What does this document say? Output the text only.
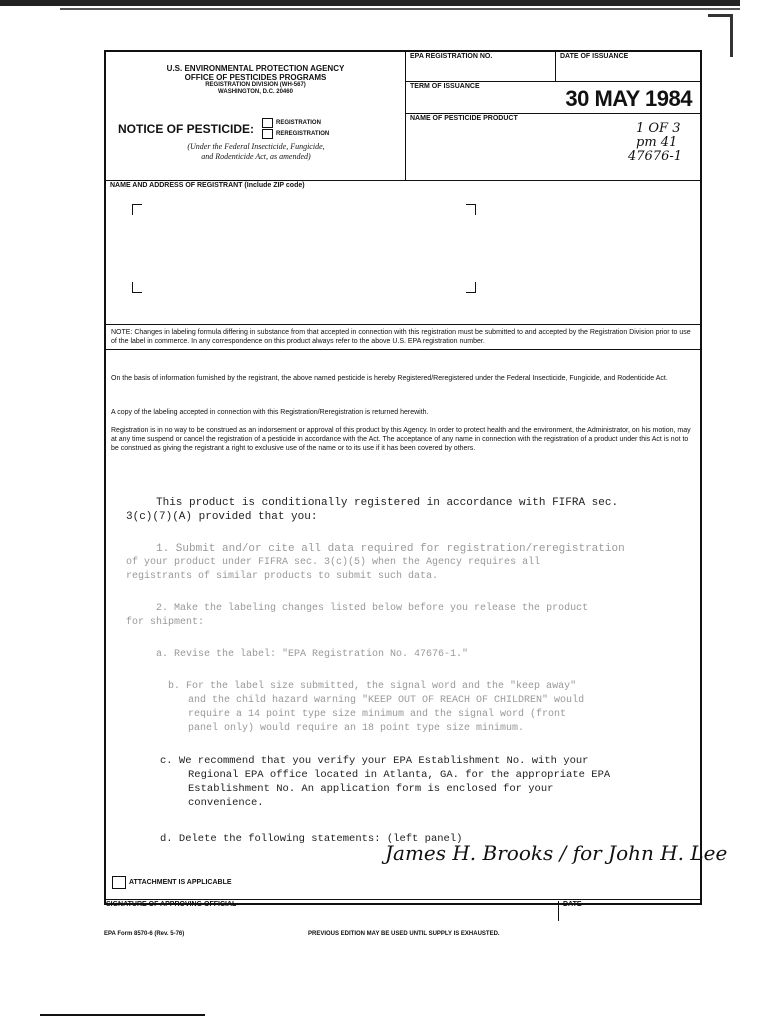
U.S. ENVIRONMENTAL PROTECTION AGENCY
OFFICE OF PESTICIDES PROGRAMS
REGISTRATION DIVISION (WH-567)
WASHINGTON, D.C. 20460
NOTICE OF PESTICIDE:	REGISTRATION
REREGISTRATION
(Under the Federal Insecticide, Fungicide,
and Rodenticide Act, as amended)
EPA REGISTRATION NO.	DATE OF ISSUANCE
TERM OF ISSUANCE	30 MAY 1984
NAME OF PESTICIDE PRODUCT
1 OF 3
pm 41
47676-1
NAME AND ADDRESS OF REGISTRANT (Include ZIP code)
NOTE: Changes in labeling formula differing in substance from that accepted in connection with this registration must be submitted to and accepted by the Registration Division prior to use of the label in commerce. In any correspondence on this product always refer to the above U.S. EPA registration number.
On the basis of information furnished by the registrant, the above named pesticide is hereby Registered/Reregistered under the Federal Insecticide, Fungicide, and Rodenticide Act.
A copy of the labeling accepted in connection with this Registration/Reregistration is returned herewith.
Registration is in no way to be construed as an indorsement or approval of this product by this Agency. In order to protect health and the environment, the Administrator, on his motion, may at any time suspend or cancel the registration of a pesticide in accordance with the Act. The acceptance of any name in connection with the registration of a product under this Act is not to be construed as giving the registrant a right to exclusive use of the name or to its use if it has been covered by others.
This product is conditionally registered in accordance with FIFRA sec.
3(c)(7)(A) provided that you:
1. Submit and/or cite all data required for registration/reregistration
of your product under FIFRA sec. 3(c)(5) when the Agency requires all
registrants of similar products to submit such data.
2. Make the labeling changes listed below before you release the product
for shipment:
a. Revise the label: "EPA Registration No. 47676-1."
b. For the label size submitted, the signal word and the "keep away"
and the child hazard warning "KEEP OUT OF REACH OF CHILDREN" would
require a 14 point type size minimum and the signal word (front
panel only) would require an 18 point type size minimum.
c. We recommend that you verify your EPA Establishment No. with your
Regional EPA office located in Atlanta, GA. for the appropriate EPA
Establishment No. An application form is enclosed for your
convenience.
d. Delete the following statements: (left panel)
ATTACHMENT IS APPLICABLE
SIGNATURE OF APPROVING OFFICIAL	DATE
James H. Brooks / for John H. Lee
EPA Form 8570-6 (Rev. 5-76)	PREVIOUS EDITION MAY BE USED UNTIL SUPPLY IS EXHAUSTED.
